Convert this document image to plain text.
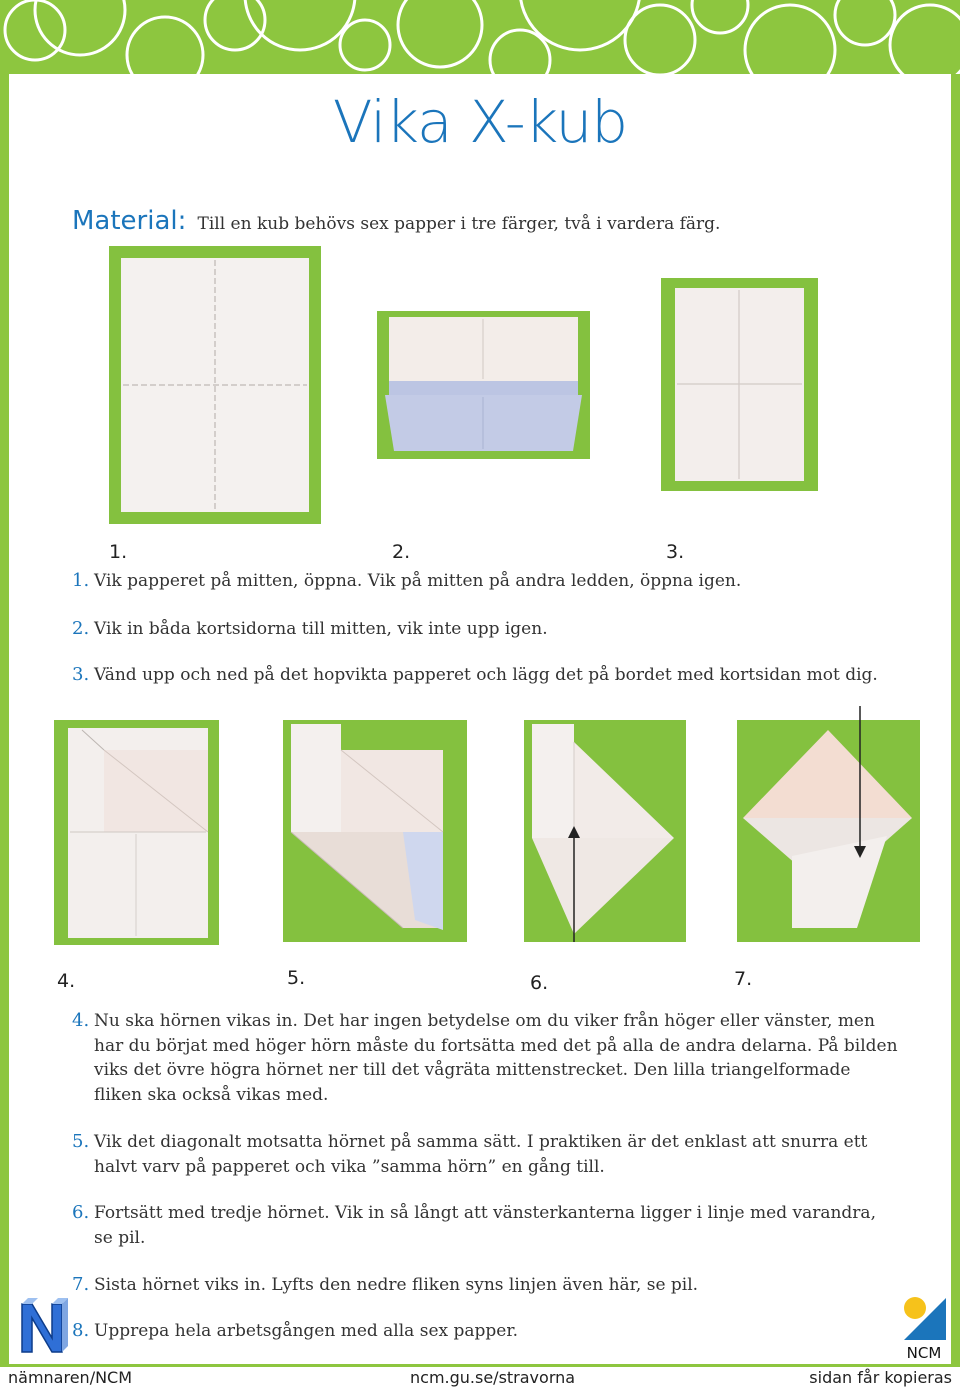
Vika X-kub
Material: Till en kub behövs sex papper i tre färger, två i vardera färg.
1.	2.	3.
1. Vik papperet på mitten, öppna. Vik på mitten på andra ledden, öppna igen.
2. Vik in båda kortsidorna till mitten, vik inte upp igen.
3. Vänd upp och ned på det hopvikta papperet och lägg det på bordet med kortsidan mot dig.
4.	5.	6.	7.
4. Nu ska hörnen vikas in. Det har ingen betydelse om du viker från höger eller vänster, men
har du börjat med höger hörn måste du fortsätta med det på alla de andra delarna. På bilden
viks det övre högra hörnet ner till det vågräta mittenstrecket. Den lilla triangelformade
fliken ska också vikas med.
5. Vik det diagonalt motsatta hörnet på samma sätt. I praktiken är det enklast att snurra ett
halvt varv på papperet och vika ”samma hörn” en gång till.
6. Fortsätt med tredje hörnet. Vik in så långt att vänsterkanterna ligger i linje med varandra,
se pil.
7. Sista hörnet viks in. Lyfts den nedre fliken syns linjen även här, se pil.
8. Upprepa hela arbetsgången med alla sex papper.
NCM
nämnaren/NCM	ncm.gu.se/stravorna	sidan får kopieras
